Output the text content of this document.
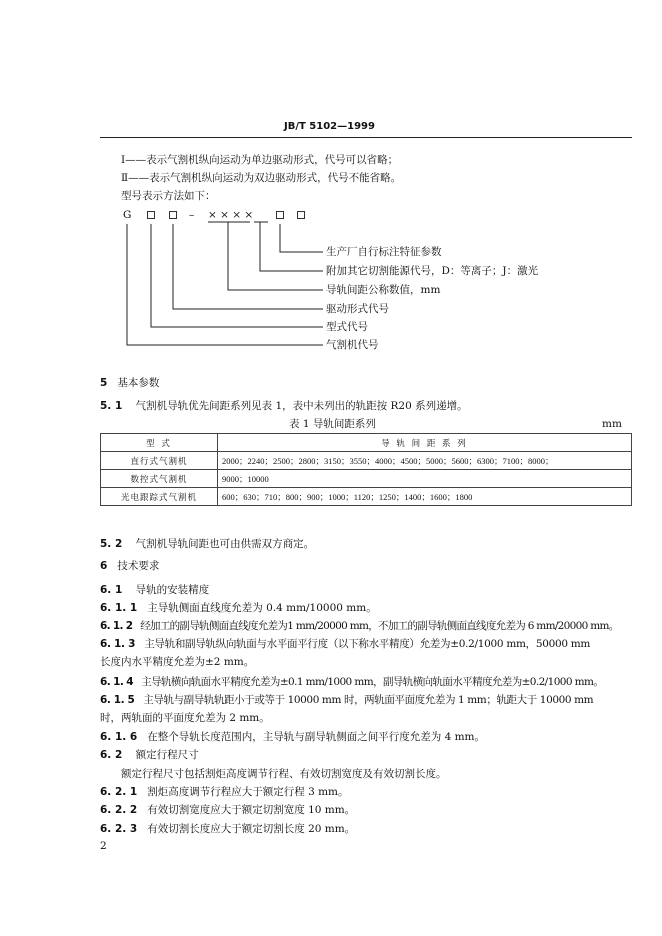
JB/T 5102—1999
Ⅰ——表示气割机纵向运动为单边驱动形式，代号可以省略；
Ⅱ——表示气割机纵向运动为双边驱动形式，代号不能省略。
型号表示方法如下：
G	– × × × ×
生产厂自行标注特征参数
附加其它切割能源代号，D：等离子；J：激光
导轨间距公称数值，mm
驱动形式代号
型式代号
气割机代号
5 基本参数
5. 1 气割机导轨优先间距系列见表 1，表中未列出的轨距按 R20 系列递增。
表 1 导轨间距系列	mm
型 式	导 轨 间 距 系 列
直行式气割机	2000；2240；2500；2800；3150；3550；4000；4500；5000；5600；6300；7100；8000；
数控式气割机	9000；10000
光电跟踪式气割机	600；630；710；800；900；1000；1120；1250；1400；1600；1800
5. 2 气割机导轨间距也可由供需双方商定。
6 技术要求
6. 1 导轨的安装精度
6. 1. 1 主导轨侧面直线度允差为 0.4 mm/10000 mm。
6. 1. 2 经加工的副导轨侧面直线度允差为1 mm/20000 mm，不加工的副导轨侧面直线度允差为 6 mm/20000 mm。
6. 1. 3 主导轨和副导轨纵向轨面与水平面平行度（以下称水平精度）允差为±0.2/1000 mm，50000 mm
长度内水平精度允差为±2 mm。
6. 1. 4 主导轨横向轨面水平精度允差为±0.1 mm/1000 mm，副导轨横向轨面水平精度允差为±0.2/1000 mm。
6. 1. 5 主导轨与副导轨轨距小于或等于 10000 mm 时，两轨面平面度允差为 1 mm；轨距大于 10000 mm
时，两轨面的平面度允差为 2 mm。
6. 1. 6 在整个导轨长度范围内，主导轨与副导轨侧面之间平行度允差为 4 mm。
6. 2 额定行程尺寸
额定行程尺寸包括割炬高度调节行程、有效切割宽度及有效切割长度。
6. 2. 1 割炬高度调节行程应大于额定行程 3 mm。
6. 2. 2 有效切割宽度应大于额定切割宽度 10 mm。
6. 2. 3 有效切割长度应大于额定切割长度 20 mm。
2
